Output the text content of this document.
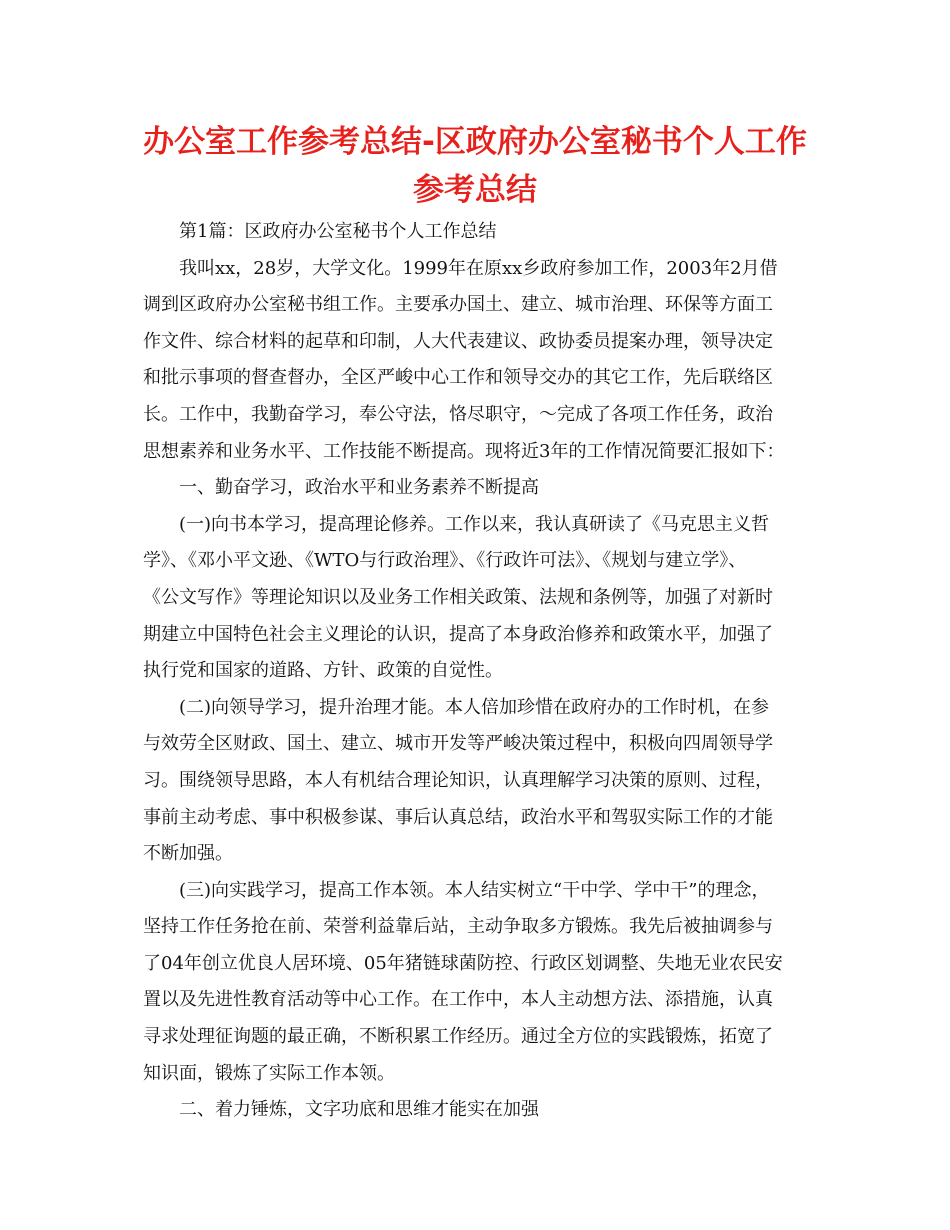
办公室工作参考总结-区政府办公室秘书个人工作
参考总结
第1篇：区政府办公室秘书个人工作总结
我叫xx，28岁，大学文化。1999年在原xx乡政府参加工作，2003年2月借
调到区政府办公室秘书组工作。主要承办国土、建立、城市治理、环保等方面工
作文件、综合材料的起草和印制，人大代表建议、政协委员提案办理，领导决定
和批示事项的督查督办，全区严峻中心工作和领导交办的其它工作，先后联络区
长。工作中，我勤奋学习，奉公守法，恪尽职守，～完成了各项工作任务，政治
思想素养和业务水平、工作技能不断提高。现将近3年的工作情况简要汇报如下：
一、勤奋学习，政治水平和业务素养不断提高
(一)向书本学习，提高理论修养。工作以来，我认真研读了《马克思主义哲
学》、《邓小平文逊、《WTO与行政治理》、《行政许可法》、《规划与建立学》、
《公文写作》等理论知识以及业务工作相关政策、法规和条例等，加强了对新时
期建立中国特色社会主义理论的认识，提高了本身政治修养和政策水平，加强了
执行党和国家的道路、方针、政策的自觉性。
(二)向领导学习，提升治理才能。本人倍加珍惜在政府办的工作时机，在参
与效劳全区财政、国土、建立、城市开发等严峻决策过程中，积极向四周领导学
习。围绕领导思路，本人有机结合理论知识，认真理解学习决策的原则、过程，
事前主动考虑、事中积极参谋、事后认真总结，政治水平和驾驭实际工作的才能
不断加强。
(三)向实践学习，提高工作本领。本人结实树立“干中学、学中干”的理念，
坚持工作任务抢在前、荣誉利益靠后站，主动争取多方锻炼。我先后被抽调参与
了04年创立优良人居环境、05年猪链球菌防控、行政区划调整、失地无业农民安
置以及先进性教育活动等中心工作。在工作中，本人主动想方法、添措施，认真
寻求处理征询题的最正确，不断积累工作经历。通过全方位的实践锻炼，拓宽了
知识面，锻炼了实际工作本领。
二、着力锤炼，文字功底和思维才能实在加强
